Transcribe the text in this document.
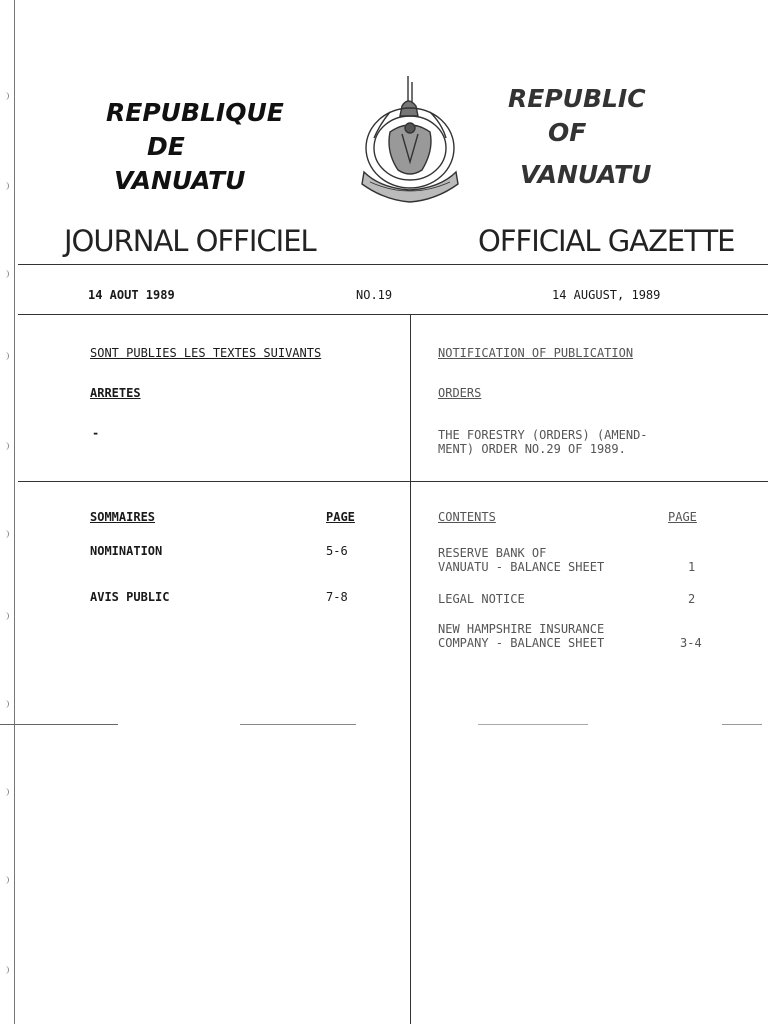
REPUBLIQUE
DE
VANUATU
REPUBLIC
OF
VANUATU
JOURNAL OFFICIEL	OFFICIAL GAZETTE
14 AOUT 1989	NO.19	14 AUGUST, 1989
SONT PUBLIES LES TEXTES SUIVANTS
ARRETES
-
NOTIFICATION OF PUBLICATION
ORDERS
THE FORESTRY (ORDERS) (AMEND-
MENT) ORDER NO.29 OF 1989.
SOMMAIRES	PAGE
NOMINATION	5-6
AVIS PUBLIC	7-8
CONTENTS	PAGE
RESERVE BANK OF
VANUATU - BALANCE SHEET	1
LEGAL NOTICE	2
NEW HAMPSHIRE INSURANCE
COMPANY - BALANCE SHEET	3-4
